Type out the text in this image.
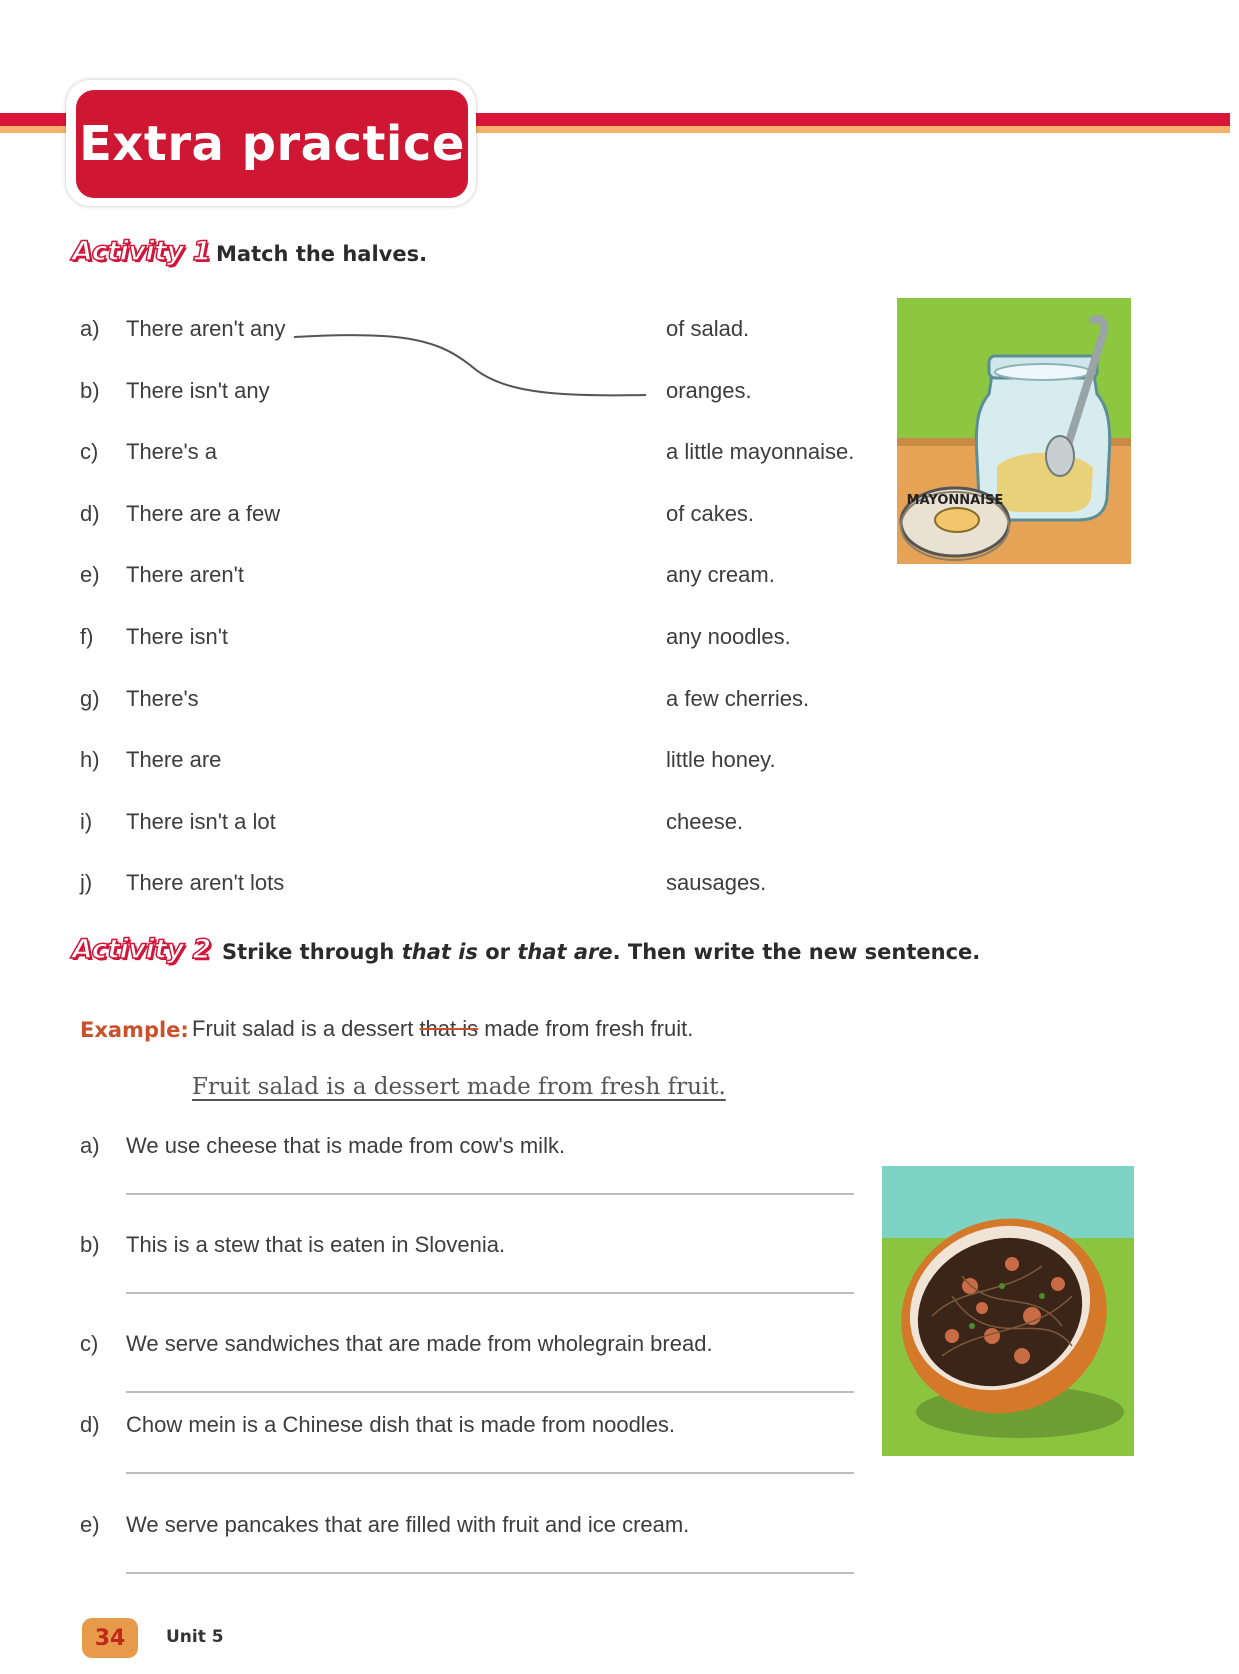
Extra practice
Activity 1 Match the halves.
a) There aren't any	of salad.
b) There isn't any	oranges.
c) There's a	a little mayonnaise.
d) There are a few	of cakes.
e) There aren't	any cream.
f) There isn't	any noodles.
g) There's	a few cherries.
h) There are	little honey.
i) There isn't a lot	cheese.
j) There aren't lots	sausages.
MAYONNAISE
Activity 2 Strike through that is or that are. Then write the new sentence.
Example: Fruit salad is a dessert that is made from fresh fruit.
Fruit salad is a dessert made from fresh fruit.
a) We use cheese that is made from cow's milk.
b) This is a stew that is eaten in Slovenia.
c) We serve sandwiches that are made from wholegrain bread.
d) Chow mein is a Chinese dish that is made from noodles.
e) We serve pancakes that are filled with fruit and ice cream.
34	Unit 5
